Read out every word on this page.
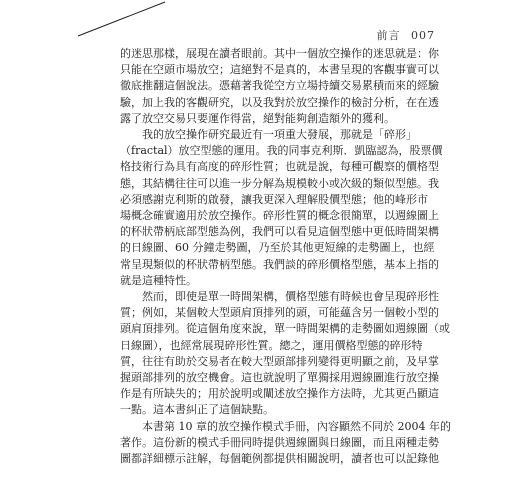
前言 007

的迷思那樣，展現在讀者眼前。其中一個放空操作的迷思就是：你
只能在空頭市場放空；這絕對不是真的，本書呈現的客觀事實可以
徹底推翻這個說法。憑藉著我從空方立場持續交易累積而來的經驗
驗，加上我的客觀研究，以及我對於放空操作的檢討分析，在在透
露了放空交易只要運作得當，絕對能夠創造額外的獲利。

我的放空操作研究最近有一項重大發展，那就是「碎形」
（fractal）放空型態的運用。我的同事克利斯．凱臨認為，股票價
格技術行為具有高度的碎形性質；也就是說，每種可觀察的價格型
態，其結構往往可以進一步分解為規模較小或次級的類似型態。我
必須感謝克利斯的啟發，讓我更深入理解股價型態；他的峰形市
場概念確實適用於放空操作。碎形性質的概念很簡單，以週線圖上
的杯狀帶柄底部型態為例，我們可以看見這個型態中更低時間架構
的日線圖、60 分鐘走勢圖，乃至於其他更短線的走勢圖上，也經
常呈現類似的杯狀帶柄型態。我們談的碎形價格型態，基本上指的
就是這種特性。

然而，即使是單一時間架構，價格型態有時候也會呈現碎形性
質；例如，某個較大型頭肩頂排列的頭，可能蘊含另一個較小型的
頭肩頂排列。從這個角度來說，單一時間架構的走勢圖如週線圖（或
日線圖），也經常展現碎形性質。總之，運用價格型態的碎形特
質，往往有助於交易者在較大型頭部排列變得更明顯之前，及早掌
握頭部排列的放空機會。這也就說明了單獨採用週線圖進行放空操
作是有所缺失的；用於說明或闡述放空操作方法時，尤其更凸顯這
一點。這本書糾正了這個缺點。

本書第 10 章的放空操作模式手冊，內容顯然不同於 2004 年的
著作。這份新的模式手冊同時提供週線圖與日線圖，而且兩種走勢
圖都詳細標示註解，每個範例都提供相關說明，讀者也可以記錄他
